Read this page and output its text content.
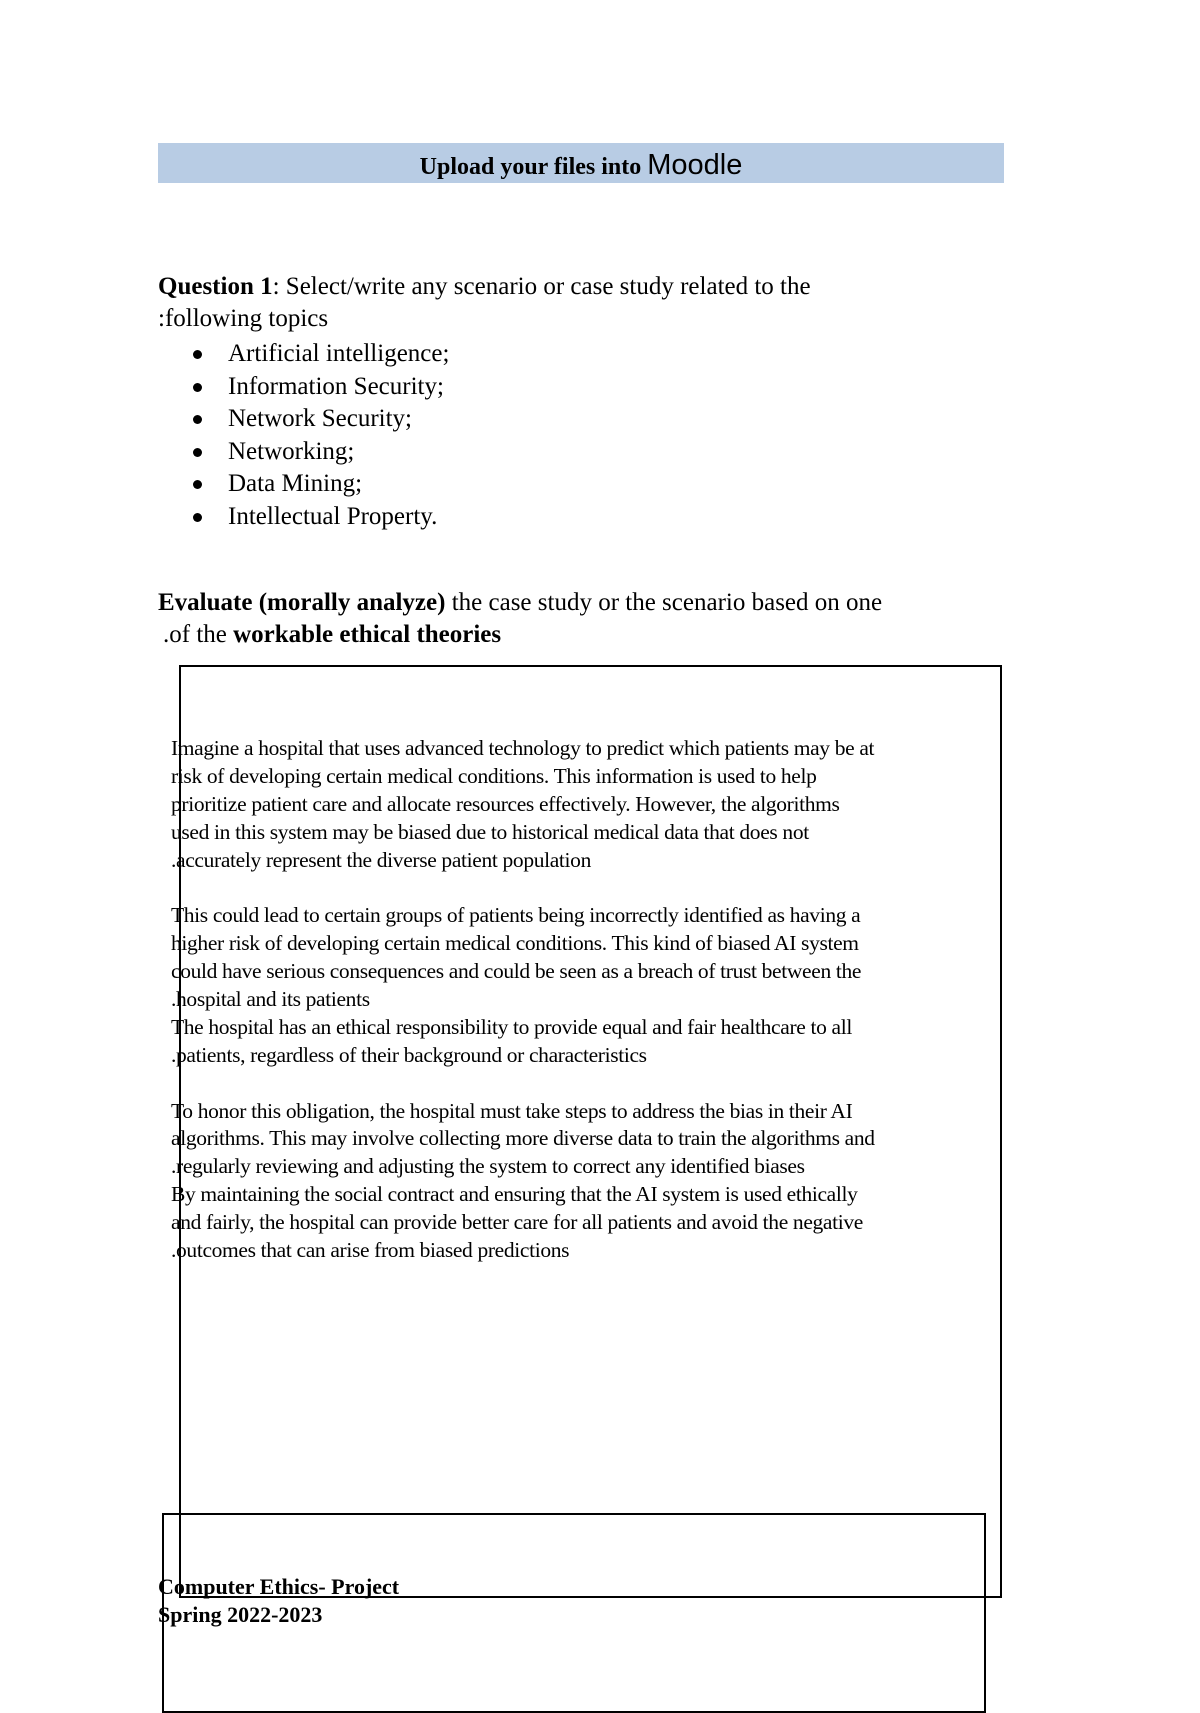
Upload your files into Moodle
Question 1: Select/write any scenario or case study related to the
:following topics
Artificial intelligence;
Information Security;
Network Security;
Networking;
Data Mining;
Intellectual Property.
Evaluate (morally analyze) the case study or the scenario based on one
.of the workable ethical theories
Imagine a hospital that uses advanced technology to predict which patients may be at
risk of developing certain medical conditions. This information is used to help
prioritize patient care and allocate resources effectively. However, the algorithms
used in this system may be biased due to historical medical data that does not
.accurately represent the diverse patient population
This could lead to certain groups of patients being incorrectly identified as having a
higher risk of developing certain medical conditions. This kind of biased AI system
could have serious consequences and could be seen as a breach of trust between the
.hospital and its patients
The hospital has an ethical responsibility to provide equal and fair healthcare to all
.patients, regardless of their background or characteristics
To honor this obligation, the hospital must take steps to address the bias in their AI
algorithms. This may involve collecting more diverse data to train the algorithms and
.regularly reviewing and adjusting the system to correct any identified biases
By maintaining the social contract and ensuring that the AI system is used ethically
and fairly, the hospital can provide better care for all patients and avoid the negative
.outcomes that can arise from biased predictions
Computer Ethics- Project
Spring 2022-2023
